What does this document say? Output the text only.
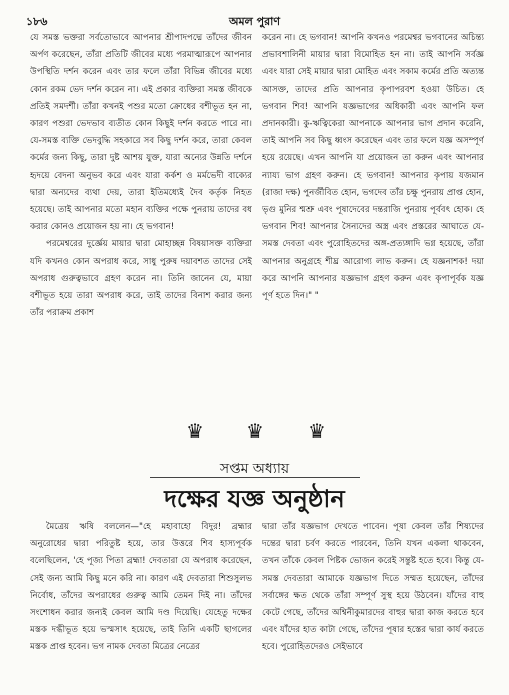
১৮৬	অমল পুরাণ

যে সমস্ত ভক্তরা সর্বতোভাবে আপনার শ্রীপাদপদ্মে তাঁদের জীবন অর্পণ করেছেন, তাঁরা প্রতিটি জীবের মধ্যে পরমাত্মারূপে আপনার উপস্থিতি দর্শন করেন এবং তার ফলে তাঁরা বিভিন্ন জীবের মধ্যে কোন রকম ভেদ দর্শন করেন না। এই প্রকার ব্যক্তিরা সমস্ত জীবকে প্রতিই সমদর্শী। তাঁরা কখনই পশুর মতো ক্রোধের বশীভূত হন না, কারণ পশুরা ভেদভাব ব্যতীত কোন কিছুই দর্শন করতে পারে না। যে-সমস্ত ব্যক্তি ভেদবুদ্ধি সহকারে সব কিছু দর্শন করে, তারা কেবল কর্মের জন্য কিছু, তারা দুষ্ট আশয় যুক্ত, যারা অন্যের উন্নতি দর্শনে হৃদয়ে বেদনা অনুভব করে এবং যারা কর্কশ ও মর্মভেদী বাক্যের দ্বারা অন্যদের ব্যথা দেয়, তারা ইতিমধ্যেই দৈব কর্তৃক নিহত হয়েছে। তাই আপনার মতো মহান ব্যক্তির পক্ষে পুনরায় তাদের বধ করার কোনও প্রয়োজন হয় না। হে ভগবান!

পরমেশ্বরের দুর্জ্ঞেয় মায়ার দ্বারা মোহাচ্ছন্ন বিষয়াসক্ত ব্যক্তিরা যদি কখনও কোন অপরাধ করে, সাধু পুরুষ দয়াবশত তাদের সেই অপরাধ গুরুত্বভাবে গ্রহণ করেন না। তিনি জানেন যে, মায়া বশীভূত হয়ে তারা অপরাধ করে, তাই তাদের বিনাশ করার জন্য তাঁর পরাক্রম প্রকাশ

করেন না। হে ভগবান! আপনি কখনও পরমেশ্বর ভগবানের অচিন্ত্য প্রভাবশালিনী মায়ার দ্বারা বিমোহিত হন না। তাই আপনি সর্বজ্ঞ এবং যারা সেই মায়ার দ্বারা মোহিত এবং সকাম কর্মের প্রতি অত্যন্ত আসক্ত, তাদের প্রতি আপনার কৃপাপরবশ হওয়া উচিত। হে ভগবান শিব! আপনি যজ্ঞভাগের অধিকারী এবং আপনি ফল প্রদানকারী। কু-ঋত্বিকেরা আপনাকে আপনার ভাগ প্রদান করেনি, তাই আপনি সব কিছু ধ্বংস করেছেন এবং তার ফলে যজ্ঞ অসম্পূর্ণ হয়ে রয়েছে। এখন আপনি যা প্রয়োজন তা করুন এবং আপনার ন্যায্য ভাগ গ্রহণ করুন। হে ভগবান! আপনার কৃপায় যজমান (রাজা দক্ষ) পুনর্জীবিত হোন, ভগদেব তাঁর চক্ষু পুনরায় প্রাপ্ত হোন, ভৃগু মুনির শ্মশ্রু এবং পূষাদেবের দন্তরাজি পুনরায় পূর্ববৎ হোক। হে ভগবান শিব! আপনার সৈন্যদের অস্ত্র এবং প্রস্তরের আঘাতে যে-সমস্ত দেবতা এবং পুরোহিতদের অঙ্গ-প্রত্যঙ্গাদি ভগ্ন হয়েছে, তাঁরা আপনার অনুগ্রহে শীঘ্র আরোগ্য লাভ করুন। হে যজ্ঞনাশক! দয়া করে আপনি আপনার যজ্ঞভাগ গ্রহণ করুন এবং কৃপাপূর্বক যজ্ঞ পূর্ণ হতে দিন।" "

♛ ♛ ♛
সপ্তম অধ্যায়
দক্ষের যজ্ঞ অনুষ্ঠান

মৈত্রেয় ঋষি বললেন—"হে মহাবাহো বিদুর! ব্রহ্মার অনুরোধের দ্বারা পরিতুষ্ট হয়ে, তার উত্তরে শিব হাস্যপূর্বক বলেছিলেন, 'হে পূজ্য পিতা ব্রহ্মা! দেবতারা যে অপরাধ করেছেন, সেই জন্য আমি কিছু মনে করি না। কারণ এই দেবতারা শিশুসুলভ নির্বোধ, তাঁদের অপরাধের গুরুত্ব আমি তেমন দিই না। তাঁদের সংশোধন করার জন্যই কেবল আমি দণ্ড দিয়েছি। যেহেতু দক্ষের মস্তক দগ্ধীভূত হয়ে ভস্মসাৎ হয়েছে, তাই তিনি একটি ছাগলের মস্তক প্রাপ্ত হবেন। ভগ নামক দেবতা মিত্রের নেত্রের

দ্বারা তাঁর যজ্ঞভাগ দেখতে পাবেন। পূষা কেবল তাঁর শিষ্যদের দন্তের দ্বারা চর্বণ করতে পারবেন, তিনি যখন একলা থাকবেন, তখন তাঁকে কেবল পিষ্টক ভোজন করেই সন্তুষ্ট হতে হবে। কিন্তু যে-সমস্ত দেবতারা আমাকে যজ্ঞভাগ দিতে সম্মত হয়েছেন, তাঁদের সর্বাঙ্গের ক্ষত থেকে তাঁরা সম্পূর্ণ সুস্থ হয়ে উঠবেন। যাঁদের বাহু কেটে গেছে, তাঁদের অশ্বিনীকুমারদের বাহুর দ্বারা কাজ করতে হবে এবং যাঁদের হাত কাটা গেছে, তাঁদের পূষার হস্তের দ্বারা কার্য করতে হবে। পুরোহিতদেরও সেইভাবে
